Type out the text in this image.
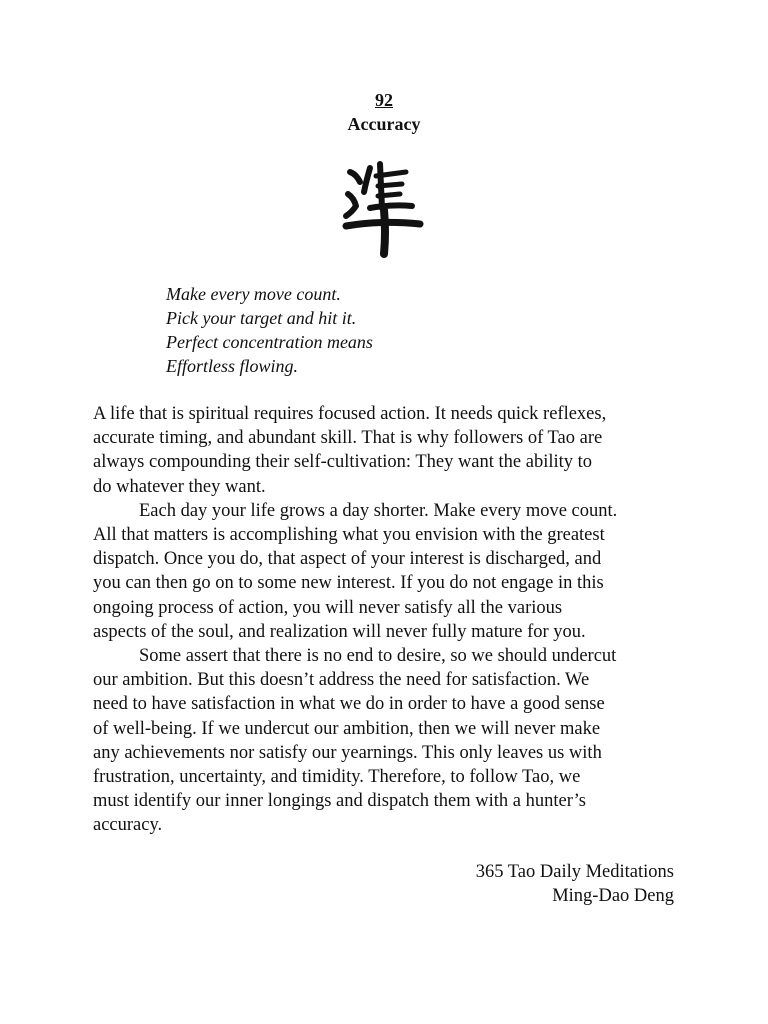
92
Accuracy
Make every move count.
Pick your target and hit it.
Perfect concentration means
Effortless flowing.
A life that is spiritual requires focused action. It needs quick reflexes,
accurate timing, and abundant skill. That is why followers of Tao are
always compounding their self-cultivation: They want the ability to
do whatever they want.
Each day your life grows a day shorter. Make every move count.
All that matters is accomplishing what you envision with the greatest
dispatch. Once you do, that aspect of your interest is discharged, and
you can then go on to some new interest. If you do not engage in this
ongoing process of action, you will never satisfy all the various
aspects of the soul, and realization will never fully mature for you.
Some assert that there is no end to desire, so we should undercut
our ambition. But this doesn’t address the need for satisfaction. We
need to have satisfaction in what we do in order to have a good sense
of well-being. If we undercut our ambition, then we will never make
any achievements nor satisfy our yearnings. This only leaves us with
frustration, uncertainty, and timidity. Therefore, to follow Tao, we
must identify our inner longings and dispatch them with a hunter’s
accuracy.
365 Tao Daily Meditations
Ming-Dao Deng
